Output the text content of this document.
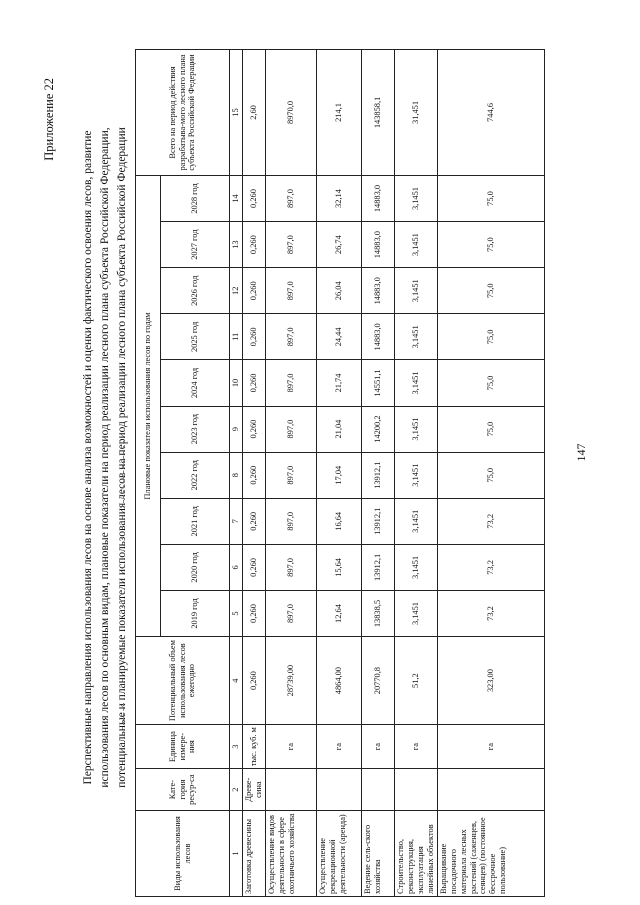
Приложение 22

Перспективные направления использования лесов на основе анализа возможностей и оценки фактического освоения лесов, развитие использования лесов по основным видам, плановые показатели на период реализации лесного плана субъекта Российской Федерации, потенциальные и планируемые показатели использования лесов на период реализации лесного плана субъекта Российской Федерации

Виды использования лесов	Кате-гория ресур-са	Единица измере-ния	Потенциальный объем использования лесов ежегодно	Плановые показатели использования лесов по годам										Всего на период действия разрабатыва-мого лесного плана субъекта Российской Федерации
				2019 год	2020 год	2021 год	2022 год	2023 год	2024 год	2025 год	2026 год	2027 год	2028 год	
1	2	3	4	5	6	7	8	9	10	11	12	13	14	15
Заготовка древесины	Древе-сина	тыс. куб. м	0,260	0,260	0,260	0,260	0,260	0,260	0,260	0,260	0,260	0,260	0,260	2,60
Осуществление видов деятельности в сфере охотничьего хозяйства		га	28739,00	897,0	897,0	897,0	897,0	897,0	897,0	897,0	897,0	897,0	897,0	8970,0
Осуществление рекреационной деятельности (аренда)		га	4864,00	12,64	15,64	16,64	17,04	21,04	21,74	24,44	26,04	26,74	32,14	214,1
Ведение сель-ского хозяйства		га	20770,8	13838,5	13912,1	13912,1	13912,1	14200,2	14551,1	14883,0	14883,0	14883,0	14883,0	143858,1
Строительство, реконструкция, эксплуатация линейных объектов		га	51,2	3,1451	3,1451	3,1451	3,1451	3,1451	3,1451	3,1451	3,1451	3,1451	3,1451	31,451
Выращивание посадочного материала лесных растений (саженцев, сеянцев) (постоянное бессрочное пользование)		га	323,00	73,2	73,2	73,2	75,0	75,0	75,0	75,0	75,0	75,0	75,0	744,6

147
